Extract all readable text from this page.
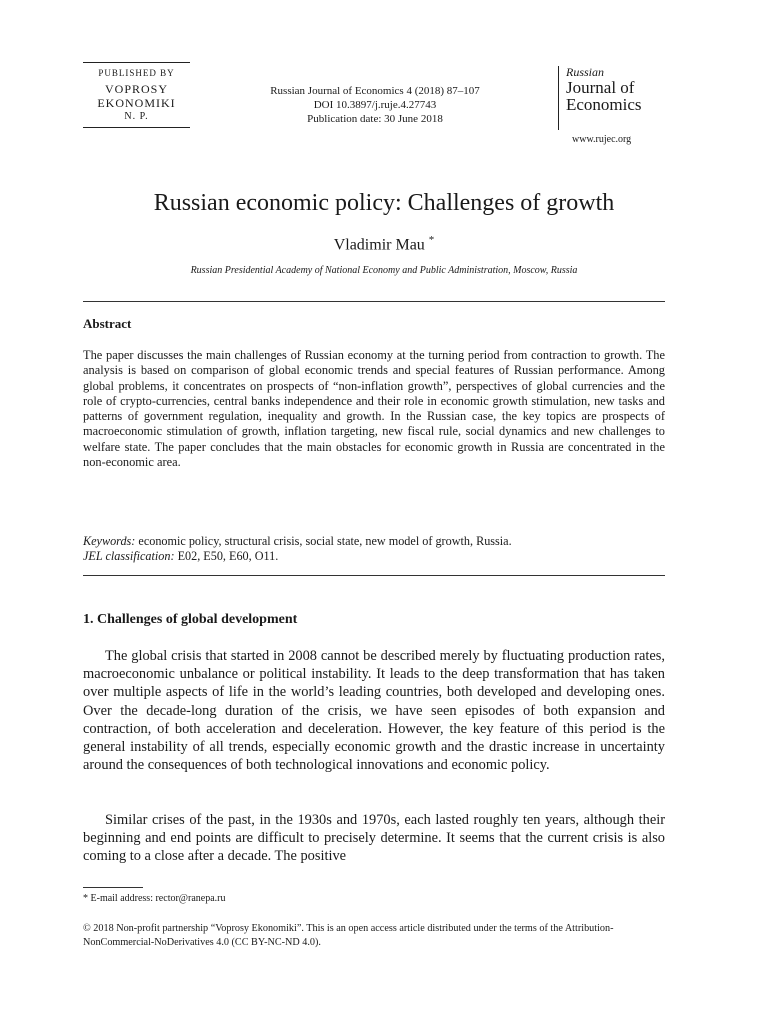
PUBLISHED BY
VOPROSY
EKONOMIKI
N. P.
Russian Journal of Economics 4 (2018) 87–107
DOI 10.3897/j.ruje.4.27743
Publication date: 30 June 2018
Russian
Journal of
Economics
www.rujec.org
Russian economic policy: Challenges of growth
Vladimir Mau *
Russian Presidential Academy of National Economy and Public Administration, Moscow, Russia
Abstract

The paper discusses the main challenges of Russian economy at the turning period from contraction to growth. The analysis is based on comparison of global economic trends and special features of Russian performance. Among global problems, it concentrates on prospects of “non-inflation growth”, perspectives of global currencies and the role of crypto-currencies, central banks independence and their role in economic growth stimulation, new tasks and patterns of government regulation, inequality and growth. In the Russian case, the key topics are prospects of macroeconomic stimulation of growth, inflation targeting, new fiscal rule, social dynamics and new challenges to welfare state. The paper concludes that the main obstacles for economic growth in Russia are concentrated in the non-economic area.

Keywords: economic policy, structural crisis, social state, new model of growth, Russia.
JEL classification: E02, E50, E60, O11.
1. Challenges of global development

The global crisis that started in 2008 cannot be described merely by fluctuating production rates, macroeconomic unbalance or political instability. It leads to the deep transformation that has taken over multiple aspects of life in the world’s leading countries, both developed and developing ones. Over the decade-long duration of the crisis, we have seen episodes of both expansion and contraction, of both acceleration and deceleration. However, the key feature of this period is the general instability of all trends, especially economic growth and the drastic increase in uncertainty around the consequences of both technological innovations and economic policy.

Similar crises of the past, in the 1930s and 1970s, each lasted roughly ten years, although their beginning and end points are difficult to precisely determine. It seems that the current crisis is also coming to a close after a decade. The positive

* E-mail address: rector@ranepa.ru
© 2018 Non-profit partnership “Voprosy Ekonomiki”. This is an open access article distributed under the terms of the Attribution-NonCommercial-NoDerivatives 4.0 (CC BY-NC-ND 4.0).
